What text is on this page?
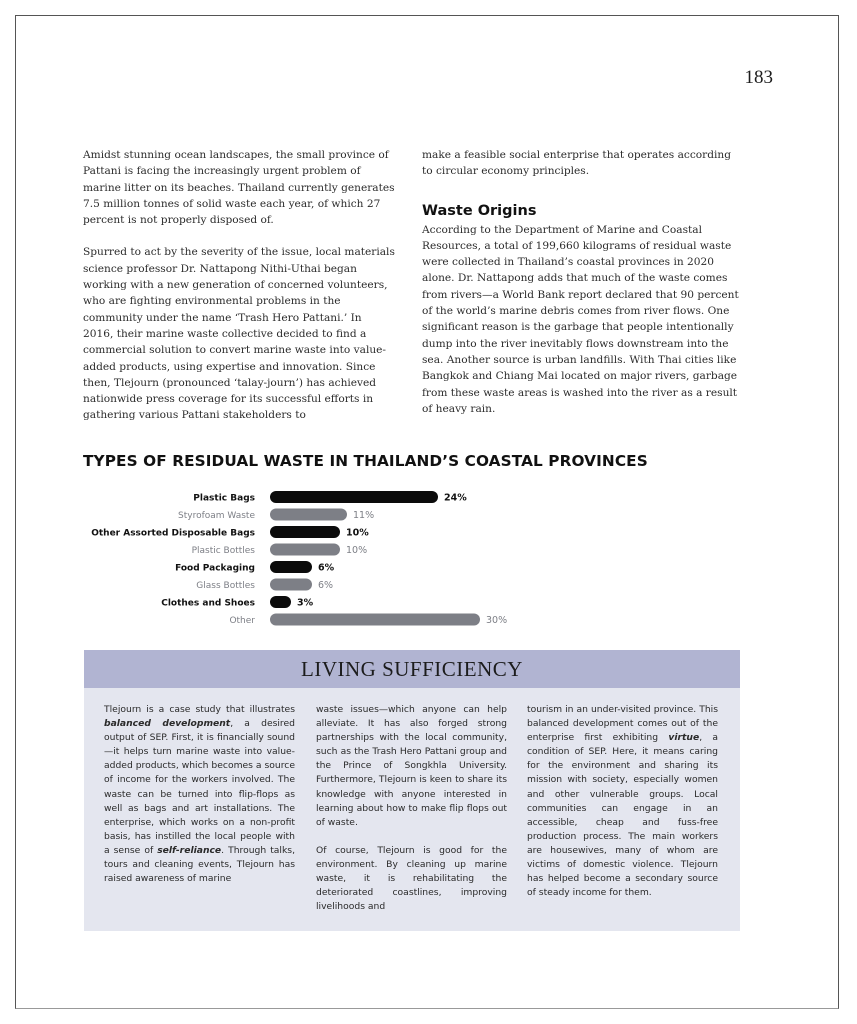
183

Amidst stunning ocean landscapes, the small province of Pattani is facing the increasingly urgent problem of marine litter on its beaches. Thailand currently generates 7.5 million tonnes of solid waste each year, of which 27 percent is not properly disposed of.

Spurred to act by the severity of the issue, local materials science professor Dr. Nattapong Nithi-Uthai began working with a new generation of concerned volunteers, who are fighting environmental problems in the community under the name ‘Trash Hero Pattani.’ In 2016, their marine waste collective decided to find a commercial solution to convert marine waste into value-added products, using expertise and innovation. Since then, Tlejourn (pronounced ‘talay-journ’) has achieved nationwide press coverage for its successful efforts in gathering various Pattani stakeholders to

make a feasible social enterprise that operates according to circular economy principles.

Waste Origins

According to the Department of Marine and Coastal Resources, a total of 199,660 kilograms of residual waste were collected in Thailand’s coastal provinces in 2020 alone. Dr. Nattapong adds that much of the waste comes from rivers—a World Bank report declared that 90 percent of the world’s marine debris comes from river flows. One significant reason is the garbage that people intentionally dump into the river inevitably flows downstream into the sea. Another source is urban landfills. With Thai cities like Bangkok and Chiang Mai located on major rivers, garbage from these waste areas is washed into the river as a result of heavy rain.

TYPES OF RESIDUAL WASTE IN THAILAND’S COASTAL PROVINCES
Plastic Bags	24%
Styrofoam Waste	11%
Other Assorted Disposable Bags	10%
Plastic Bottles	10%
Food Packaging	6%
Glass Bottles	6%
Clothes and Shoes	3%
Other	30%
LIVING SUFFICIENCY

Tlejourn is a case study that illustrates balanced development, a desired output of SEP. First, it is financially sound—it helps turn marine waste into value-added products, which becomes a source of income for the workers involved. The waste can be turned into flip-flops as well as bags and art installations. The enterprise, which works on a non-profit basis, has instilled the local people with a sense of self-reliance. Through talks, tours and cleaning events, Tlejourn has raised awareness of marine

waste issues—which anyone can help alleviate. It has also forged strong partnerships with the local community, such as the Trash Hero Pattani group and the Prince of Songkhla University. Furthermore, Tlejourn is keen to share its knowledge with anyone interested in learning about how to make flip flops out of waste.

Of course, Tlejourn is good for the environment. By cleaning up marine waste, it is rehabilitating the deteriorated coastlines, improving livelihoods and

tourism in an under-visited province. This balanced development comes out of the enterprise first exhibiting virtue, a condition of SEP. Here, it means caring for the environment and sharing its mission with society, especially women and other vulnerable groups. Local communities can engage in an accessible, cheap and fuss-free production process. The main workers are housewives, many of whom are victims of domestic violence. Tlejourn has helped become a secondary source of steady income for them.
